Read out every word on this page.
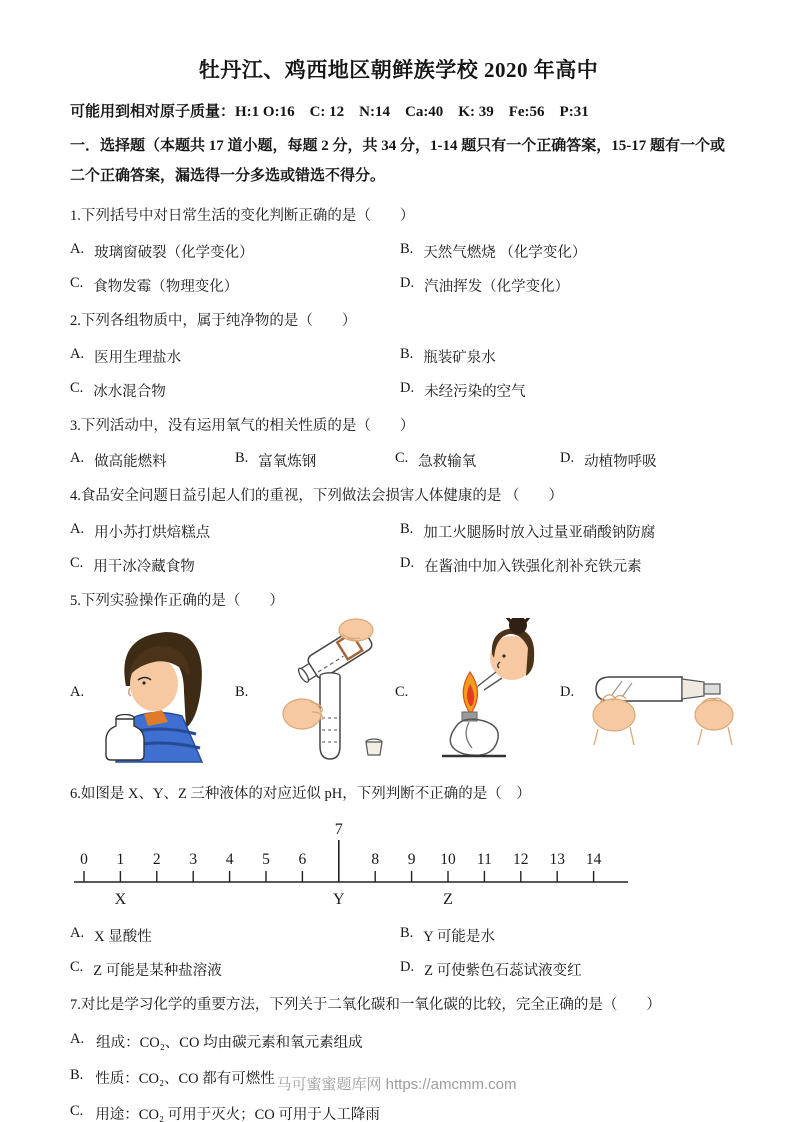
牡丹江、鸡西地区朝鲜族学校 2020 年高中

可能用到相对原子质量：H:1 O:16　C: 12　N:14　Ca:40　K: 39　Fe:56　P:31

一．选择题（本题共 17 道小题，每题 2 分，共 34 分，1-14 题只有一个正确答案，15-17 题有一个或二个正确答案，漏选得一分多选或错选不得分。

1.下列括号中对日常生活的变化判断正确的是（　　）

A. 玻璃窗破裂（化学变化）	B. 天然气燃烧 （化学变化）
C. 食物发霉（物理变化）	D. 汽油挥发（化学变化）

2.下列各组物质中，属于纯净物的是（　　）

A. 医用生理盐水	B. 瓶装矿泉水
C. 冰水混合物	D. 未经污染的空气

3.下列活动中，没有运用氧气的相关性质的是（　　）

A. 做高能燃料	B. 富氧炼钢	C. 急救输氧	D. 动植物呼吸

4.食品安全问题日益引起人们的重视，下列做法会损害人体健康的是 （　　）

A. 用小苏打烘焙糕点	B. 加工火腿肠时放入过量亚硝酸钠防腐
C. 用干冰冷藏食物	D. 在酱油中加入铁强化剂补充铁元素

5.下列实验操作正确的是（　　）

A.	B.	C.	D.

6.如图是 X、Y、Z 三种液体的对应近似 pH，下列判断不正确的是（　）

0 1 2 3 4 5 6
7
8 9 10 11 12 13 14
X	Y	Z
A. X 显酸性	B. Y 可能是水
C. Z 可能是某种盐溶液	D. Z 可使紫色石蕊试液变红

7.对比是学习化学的重要方法，下列关于二氧化碳和一氧化碳的比较，完全正确的是（　　）

A. 组成：CO₂、CO 均由碳元素和氧元素组成
B. 性质：CO₂、CO 都有可燃性
C. 用途：CO₂ 可用于灭火；CO 可用于人工降雨
马可蜜蜜题库网 https://amcmm.com
